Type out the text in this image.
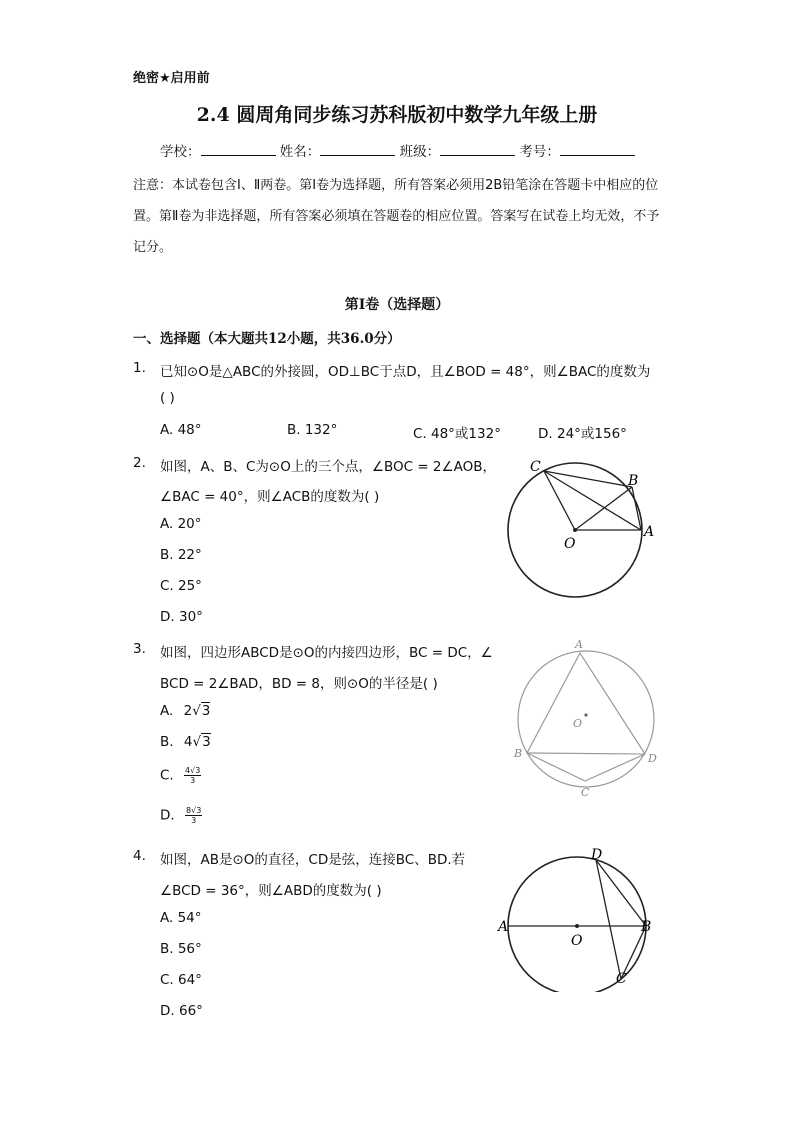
绝密★启用前
2.4 圆周角同步练习苏科版初中数学九年级上册
学校：	姓名：	班级：	考号：
注意：本试卷包含Ⅰ、Ⅱ两卷。第Ⅰ卷为选择题，所有答案必须用2B铅笔涂在答题卡中相应的位置。第Ⅱ卷为非选择题，所有答案必须填在答题卷的相应位置。答案写在试卷上均无效，不予记分。
第Ⅰ卷（选择题）
一、选择题（本大题共12小题，共36.0分）
1. 已知⊙O是△ABC的外接圆，OD⊥BC于点D，且∠BOD = 48°，则∠BAC的度数为
( )
A. 48°	B. 132°	C. 48°或132°	D. 24°或156°
2. 如图，A、B、C为⊙O上的三个点，∠BOC = 2∠AOB，
∠BAC = 40°，则∠ACB的度数为( )
A. 20°
B. 22°
C. 25°
D. 30°
C
B
A
O
3. 如图，四边形ABCD是⊙O的内接四边形，BC = DC，∠
BCD = 2∠BAD，BD = 8，则⊙O的半径是( )
A. 2√3
B. 4√3
C. $\frac{4√3}{3}$
D. $\frac{8√3}{3}$
A
B
C
D
O
4. 如图，AB是⊙O的直径，CD是弦，连接BC、BD.若
∠BCD = 36°，则∠ABD的度数为( )
A. 54°
B. 56°
C. 64°
D. 66°
D
A	B
O
C
